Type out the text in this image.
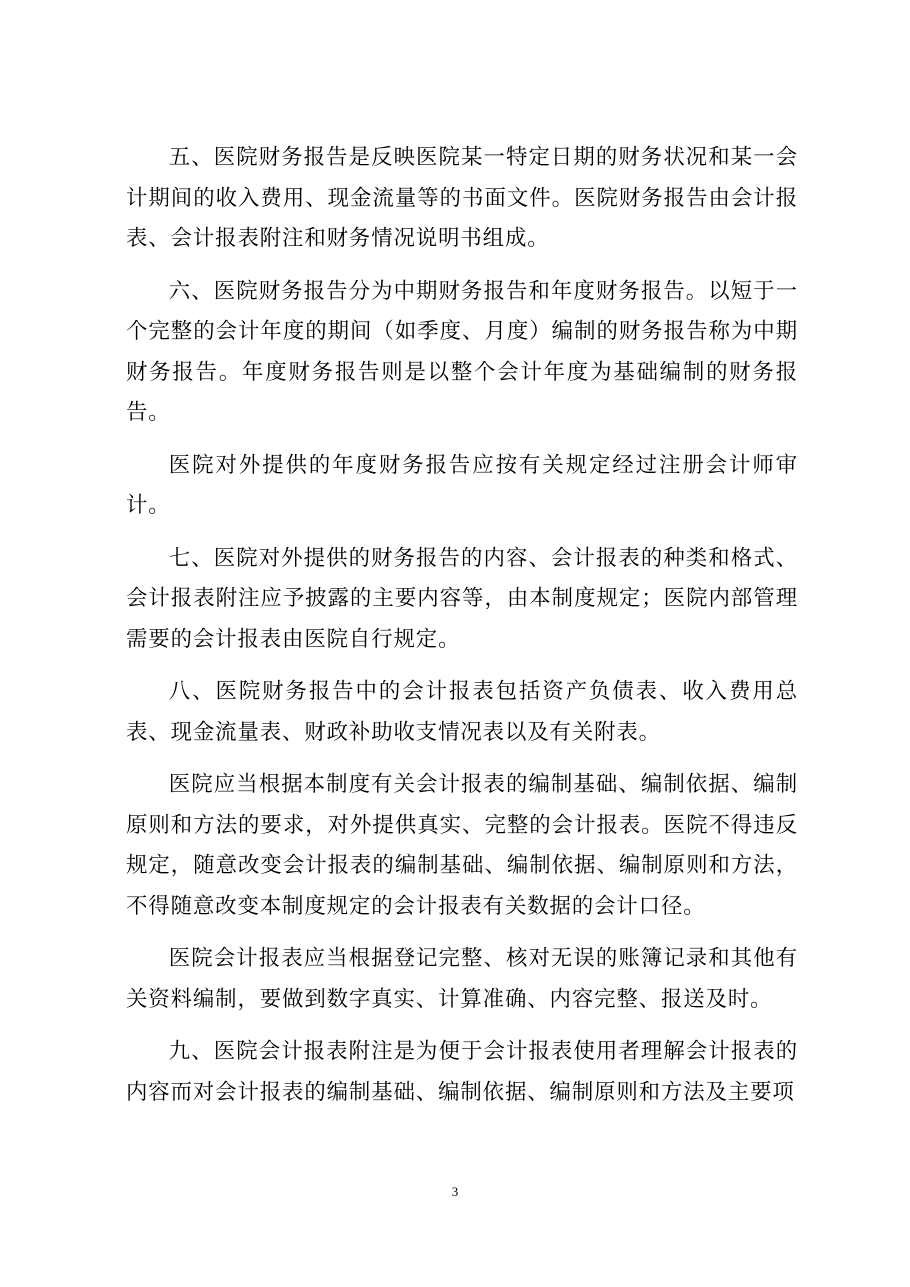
五、医院财务报告是反映医院某一特定日期的财务状况和某一会计期间的收入费用、现金流量等的书面文件。医院财务报告由会计报表、会计报表附注和财务情况说明书组成。

六、医院财务报告分为中期财务报告和年度财务报告。以短于一个完整的会计年度的期间（如季度、月度）编制的财务报告称为中期财务报告。年度财务报告则是以整个会计年度为基础编制的财务报告。

医院对外提供的年度财务报告应按有关规定经过注册会计师审计。

七、医院对外提供的财务报告的内容、会计报表的种类和格式、会计报表附注应予披露的主要内容等，由本制度规定；医院内部管理需要的会计报表由医院自行规定。

八、医院财务报告中的会计报表包括资产负债表、收入费用总表、现金流量表、财政补助收支情况表以及有关附表。

医院应当根据本制度有关会计报表的编制基础、编制依据、编制原则和方法的要求，对外提供真实、完整的会计报表。医院不得违反规定，随意改变会计报表的编制基础、编制依据、编制原则和方法，不得随意改变本制度规定的会计报表有关数据的会计口径。

医院会计报表应当根据登记完整、核对无误的账簿记录和其他有关资料编制，要做到数字真实、计算准确、内容完整、报送及时。

九、医院会计报表附注是为便于会计报表使用者理解会计报表的内容而对会计报表的编制基础、编制依据、编制原则和方法及主要项

3
